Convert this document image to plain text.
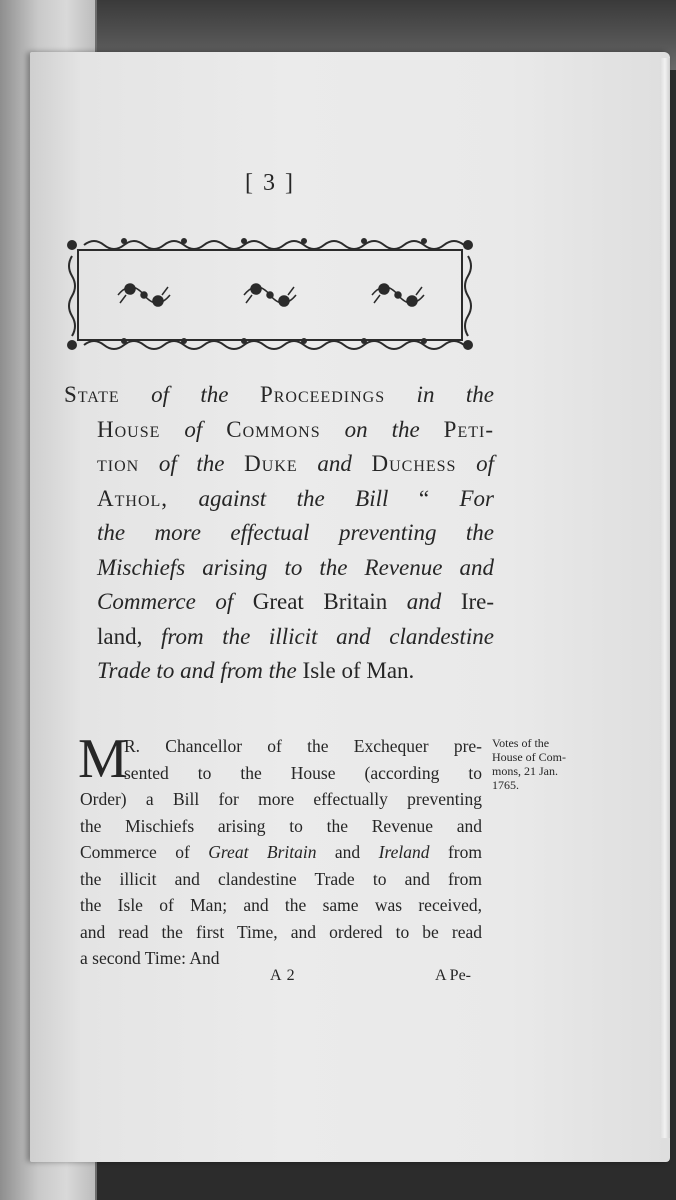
[ 3 ]
State of the Proceedings in the
House of Commons on the Peti-
tion of the Duke and Duchess of
Athol, against the Bill “ For
the more effectual preventing the
Mischiefs arising to the Revenue and
Commerce of Great Britain and Ire-
land, from the illicit and clandestine
Trade to and from the Isle of Man.
M
R. Chancellor of the Exchequer pre-
sented to the House (according to
Order) a Bill for more effectually preventing
the Mischiefs arising to the Revenue and
Commerce of Great Britain and Ireland from
the illicit and clandestine Trade to and from
the Isle of Man; and the same was received,
and read the first Time, and ordered to be read
a second Time: And
Votes of the
House of Com-
mons, 21 Jan.
1765.
A 2	A Pe-
